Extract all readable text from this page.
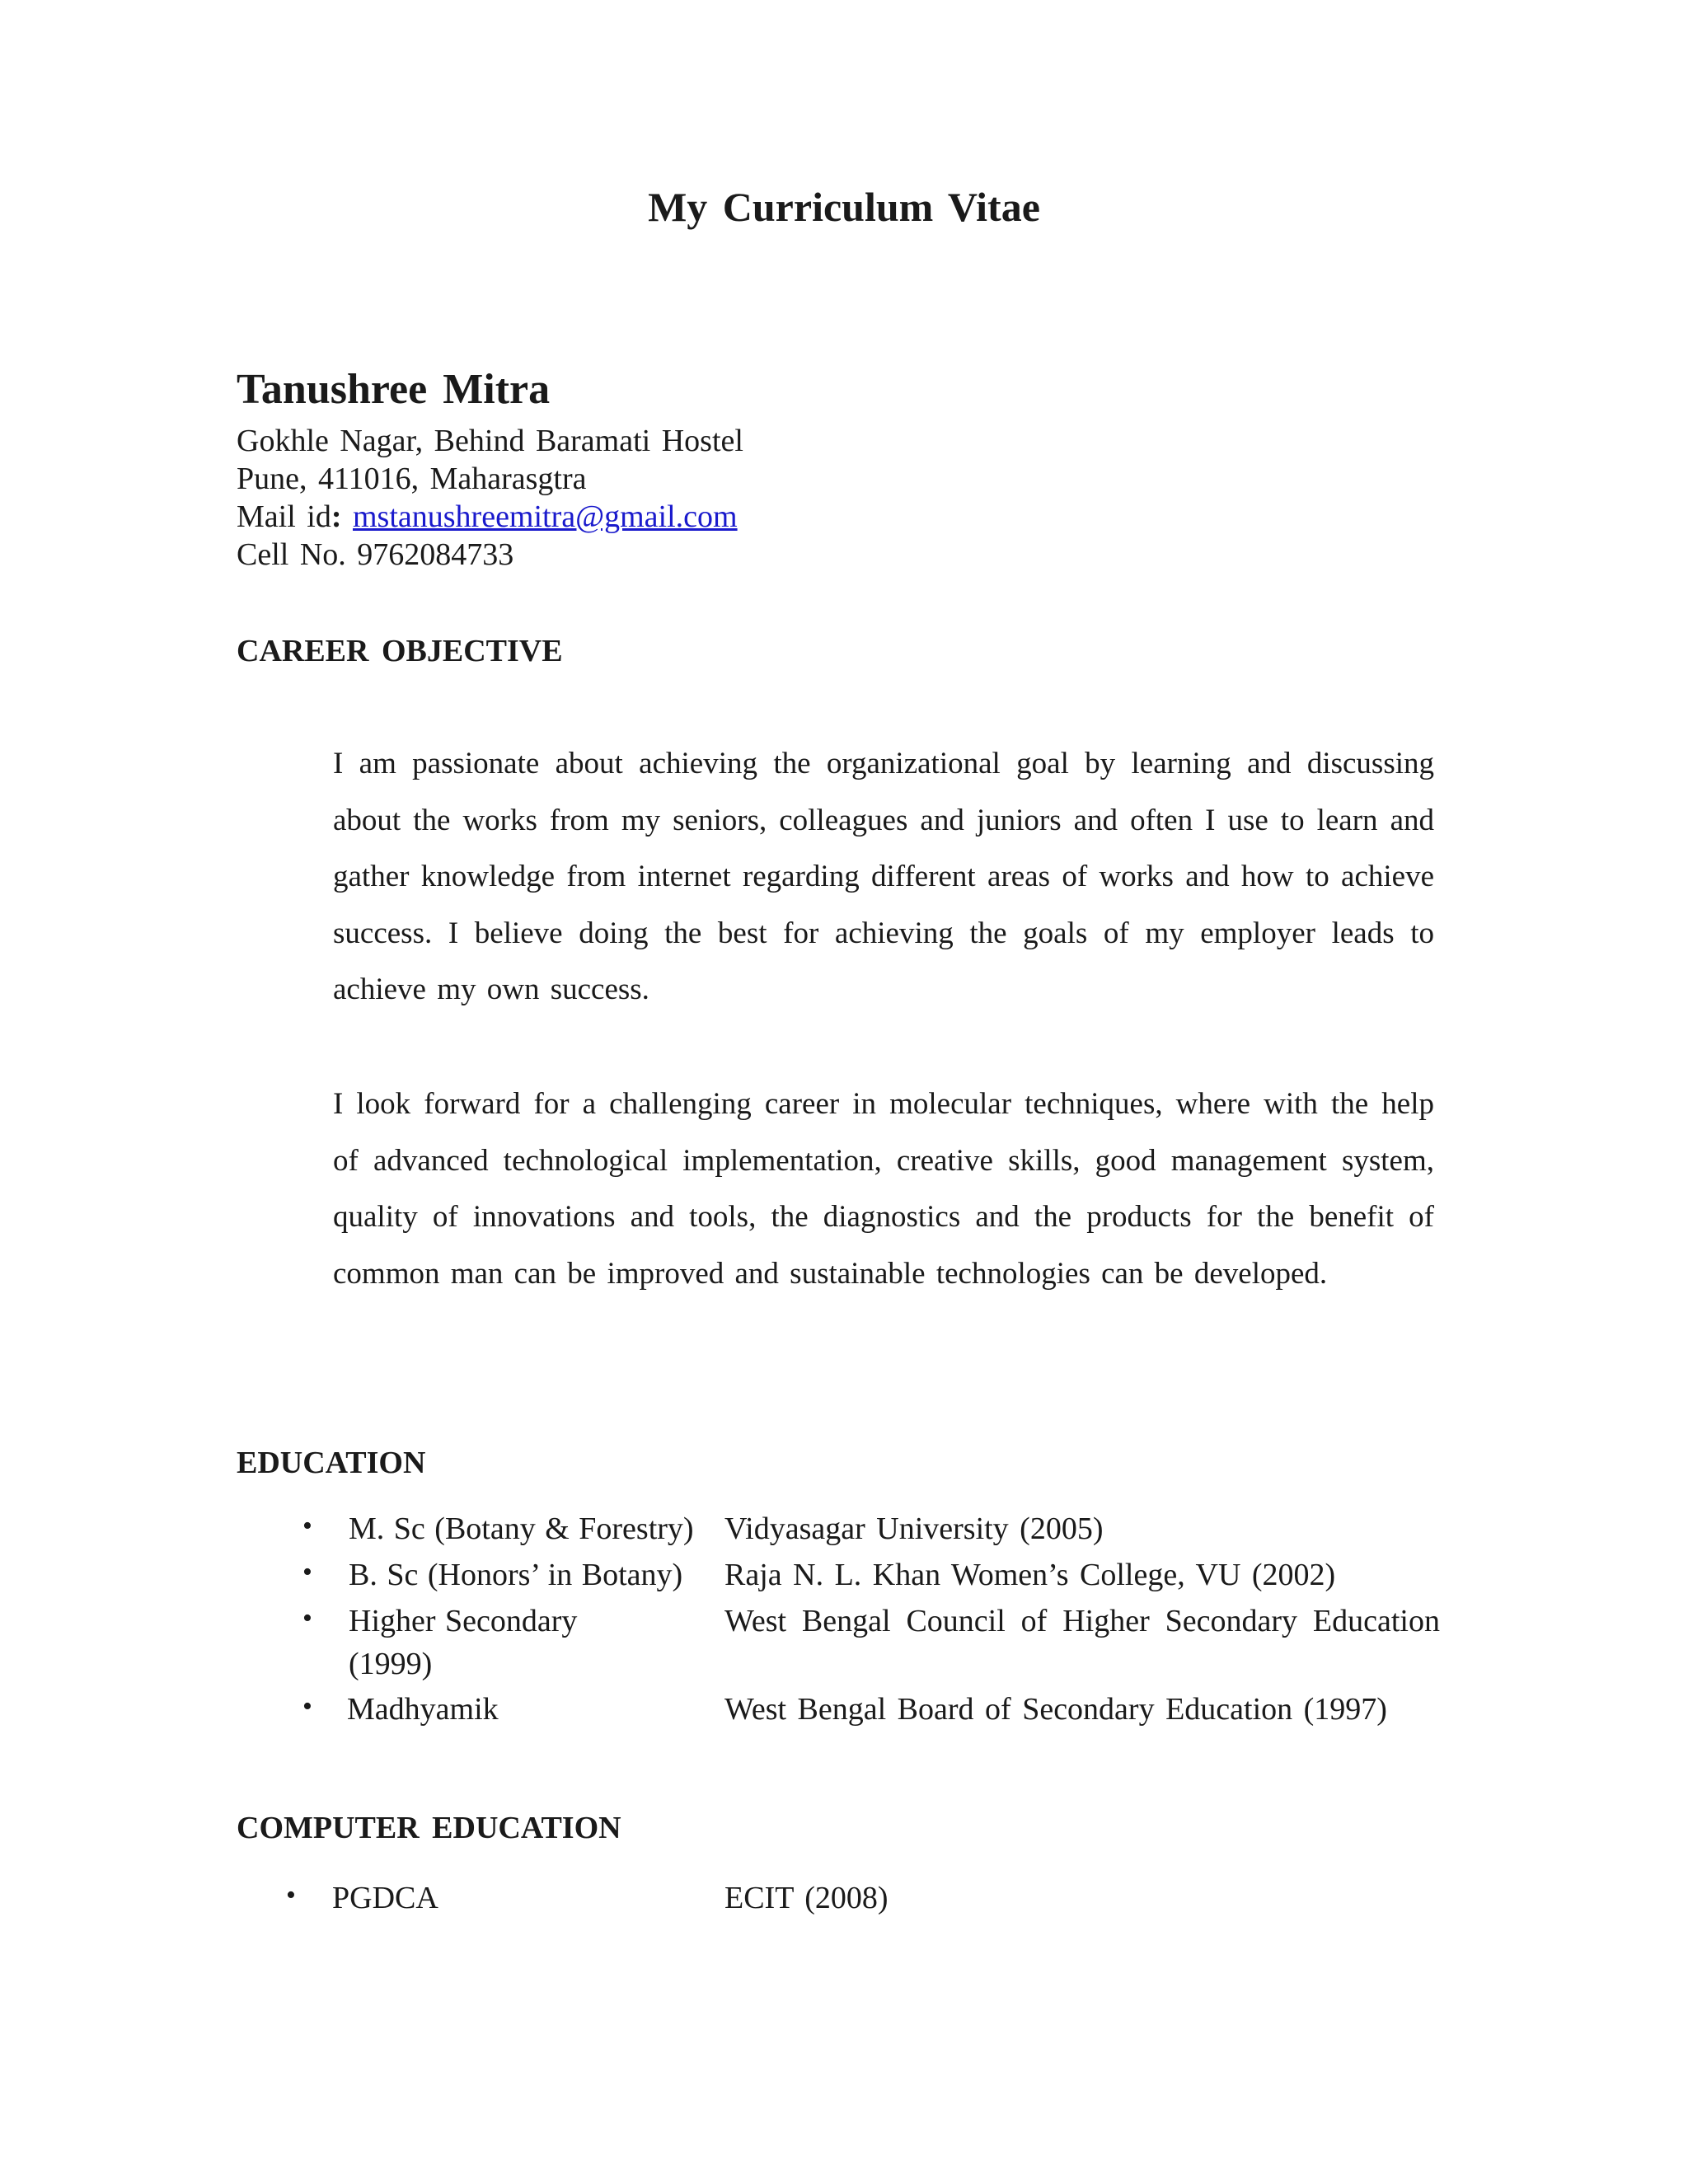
My Curriculum Vitae
Tanushree Mitra
Gokhle Nagar, Behind Baramati Hostel
Pune, 411016, Maharasgtra
Mail id: mstanushreemitra@gmail.com
Cell No. 9762084733
CAREER OBJECTIVE
I am passionate about achieving the organizational goal by learning and discussing about the works from my seniors, colleagues and juniors and often I use to learn and gather knowledge from internet regarding different areas of works and how to achieve success. I believe doing the best for achieving the goals of my employer leads to achieve my own success.
I look forward for a challenging career in molecular techniques, where with the help of advanced technological implementation, creative skills, good management system, quality of innovations and tools, the diagnostics and the products for the benefit of common man can be improved and sustainable technologies can be developed.
EDUCATION
• M. Sc (Botany & Forestry) Vidyasagar University (2005)
• B. Sc (Honors’ in Botany) Raja N. L. Khan Women’s College, VU (2002)
• Higher Secondary	West Bengal Council of Higher Secondary Education
(1999)
• Madhyamik	West Bengal Board of Secondary Education (1997)
COMPUTER EDUCATION
• PGDCA	ECIT (2008)
